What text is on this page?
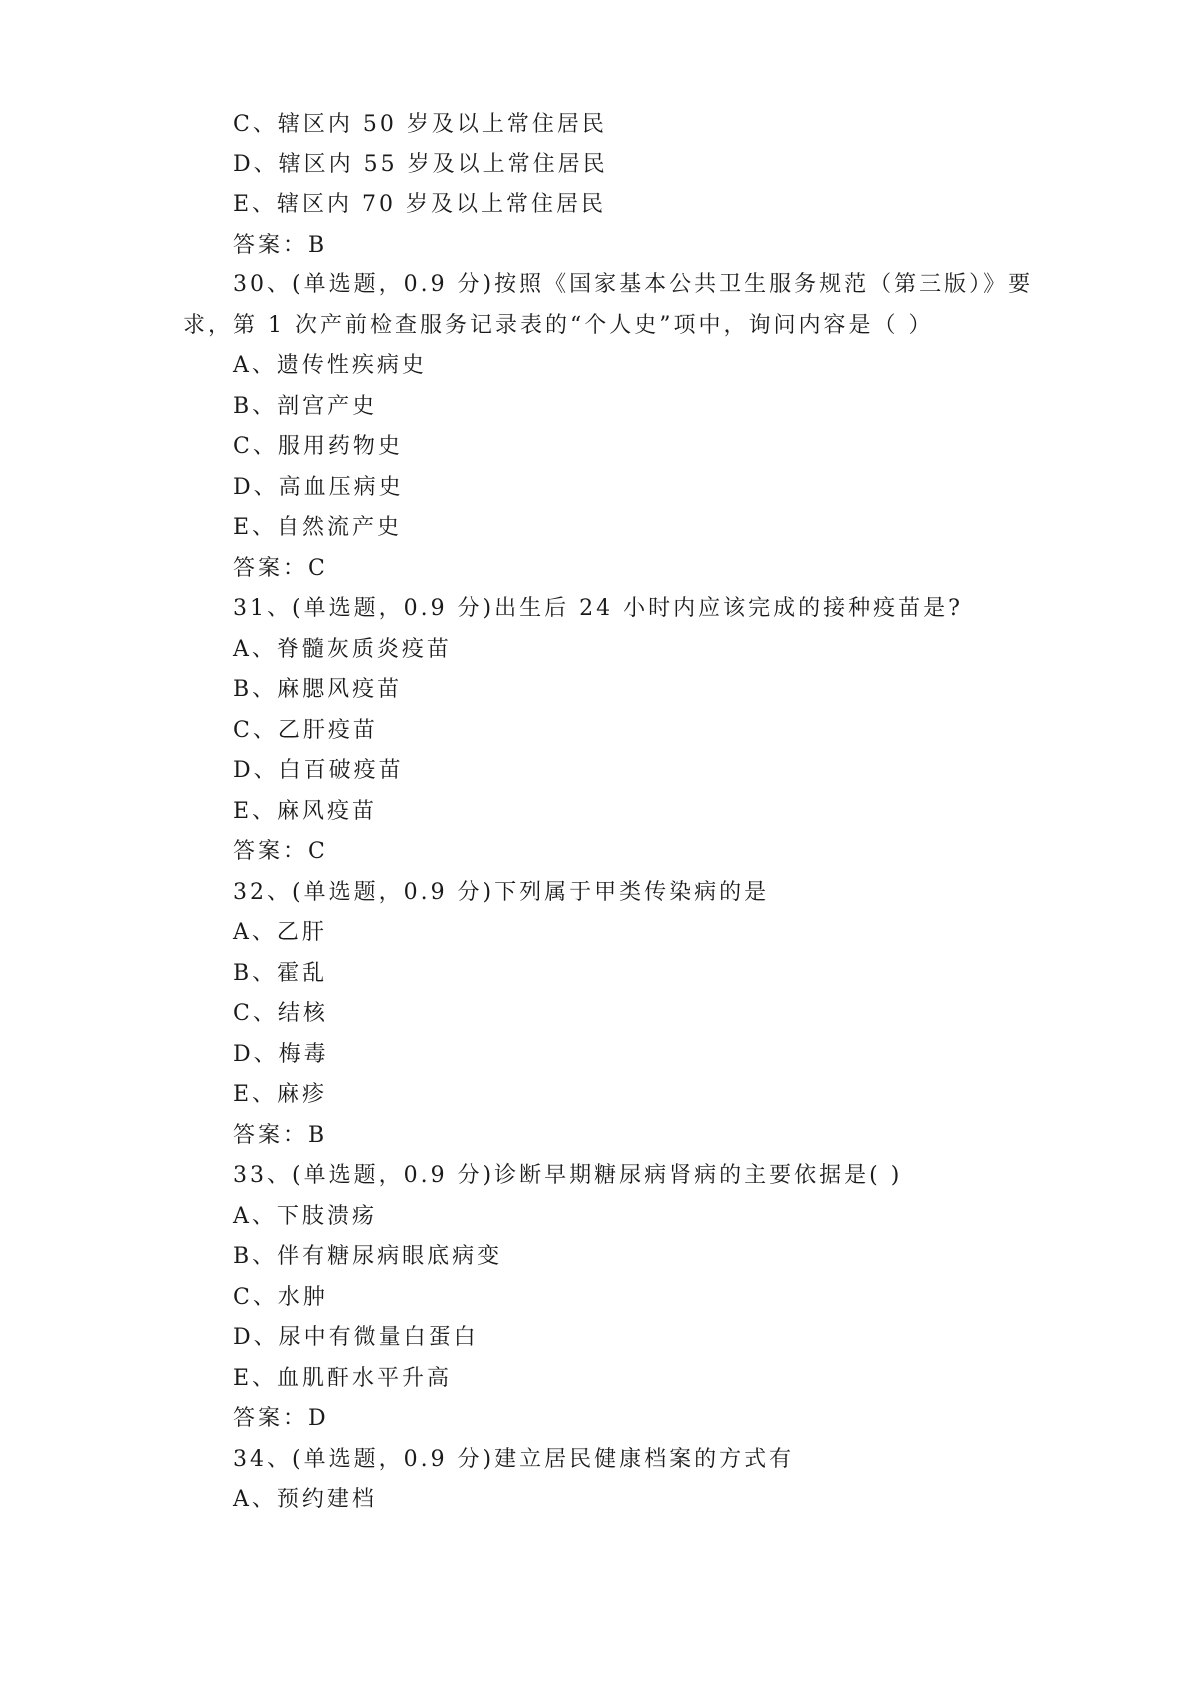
C、辖区内 50 岁及以上常住居民
D、辖区内 55 岁及以上常住居民
E、辖区内 70 岁及以上常住居民
答案：B
30、(单选题，0.9 分)按照《国家基本公共卫生服务规范（第三版）》要
求，第 1 次产前检查服务记录表的“个人史”项中，询问内容是（ ）
A、遗传性疾病史
B、剖宫产史
C、服用药物史
D、高血压病史
E、自然流产史
答案：C
31、(单选题，0.9 分)出生后 24 小时内应该完成的接种疫苗是?
A、脊髓灰质炎疫苗
B、麻腮风疫苗
C、乙肝疫苗
D、白百破疫苗
E、麻风疫苗
答案：C
32、(单选题，0.9 分)下列属于甲类传染病的是
A、乙肝
B、霍乱
C、结核
D、梅毒
E、麻疹
答案：B
33、(单选题，0.9 分)诊断早期糖尿病肾病的主要依据是( )
A、下肢溃疡
B、伴有糖尿病眼底病变
C、水肿
D、尿中有微量白蛋白
E、血肌酐水平升高
答案：D
34、(单选题，0.9 分)建立居民健康档案的方式有
A、预约建档
